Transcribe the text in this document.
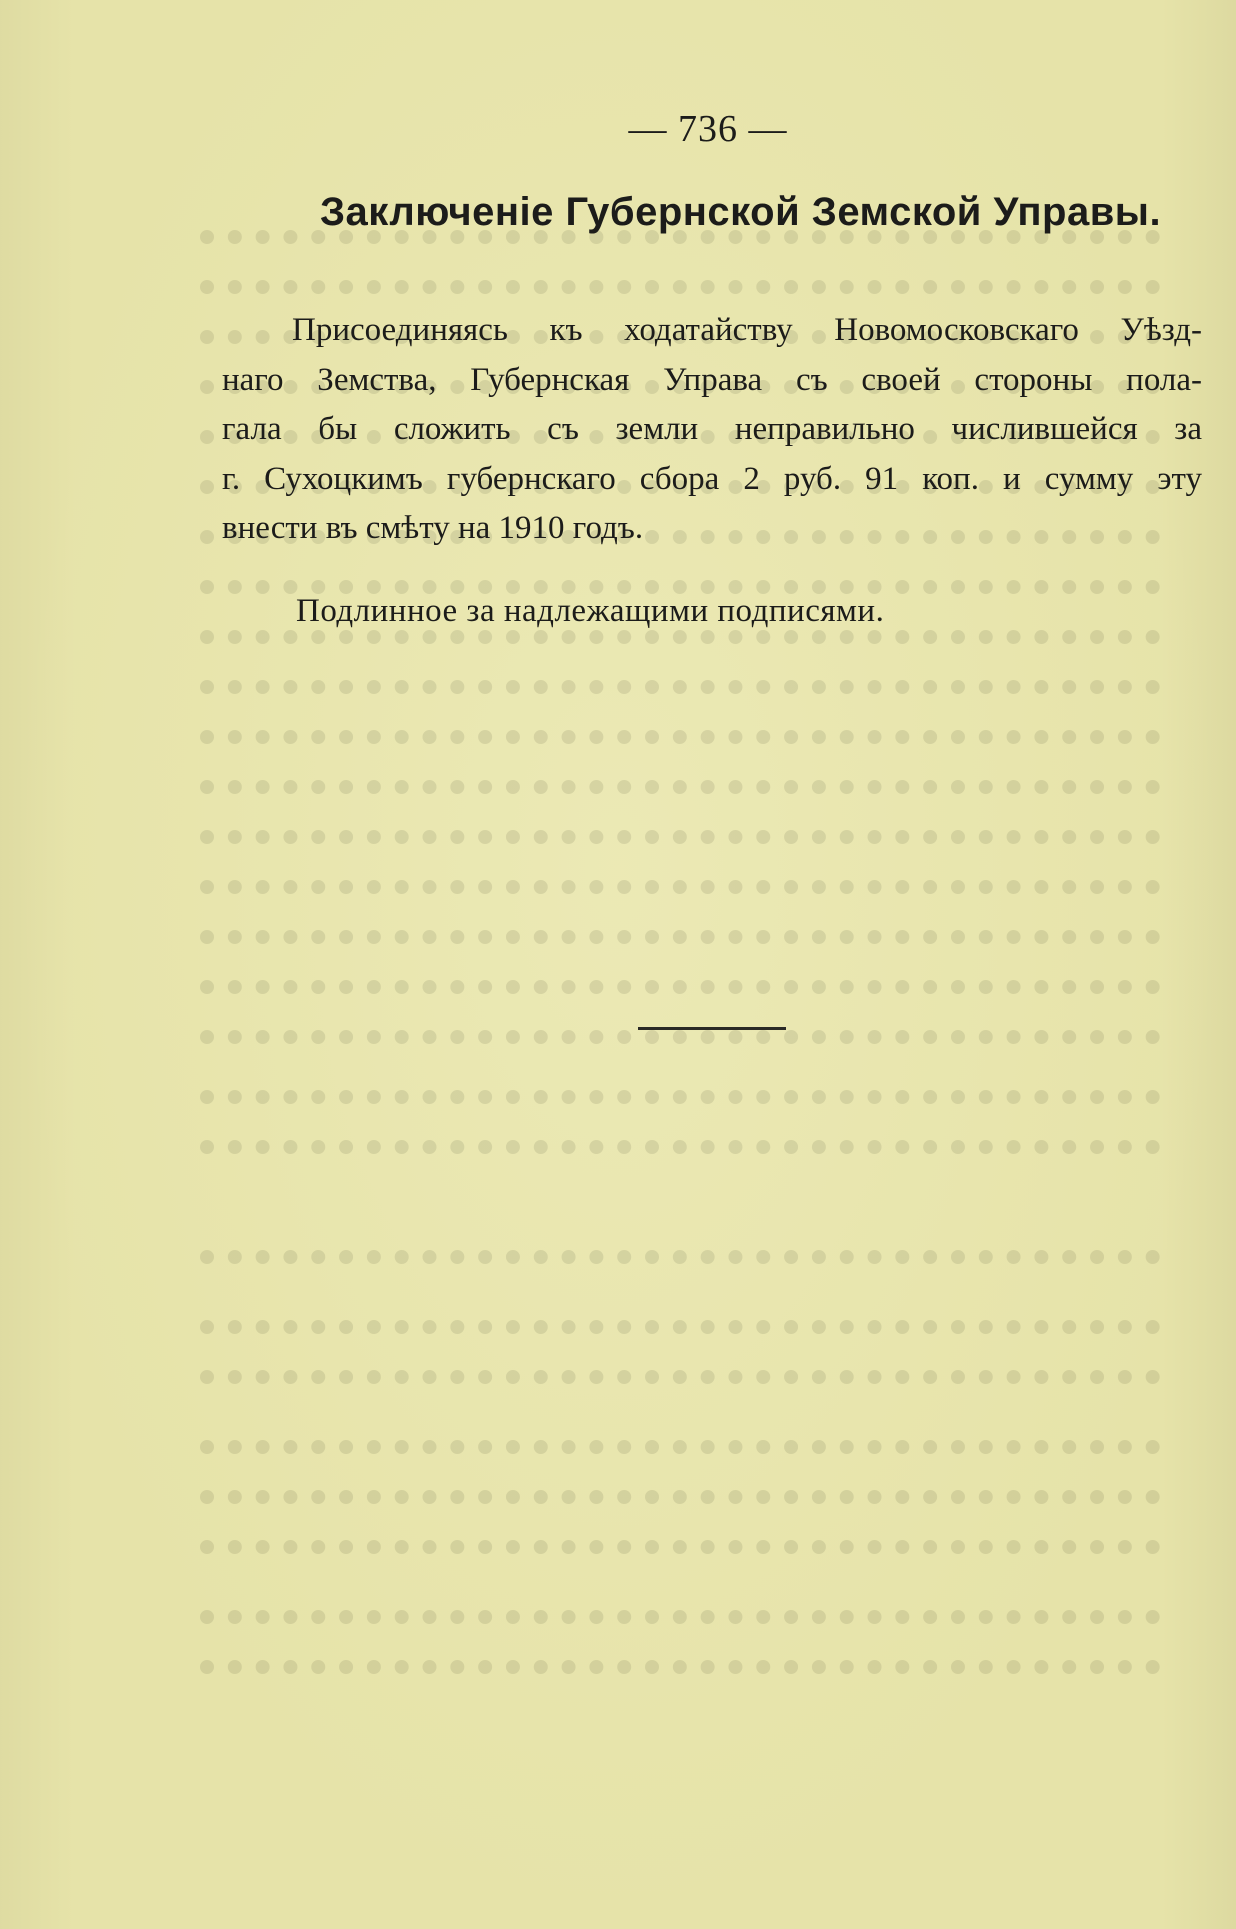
— 736 —
Заключеніе Губернской Земской Управы.
Присоединяясь къ ходатайству Новомосковскаго Уѣзд-
наго Земства, Губернская Управа съ своей стороны пола-
гала бы сложить съ земли неправильно числившейся за
г. Сухоцкимъ губернскаго сбора 2 руб. 91 коп. и сумму эту
внести въ смѣту на 1910 годъ.
Подлинное за надлежащими подписями.
